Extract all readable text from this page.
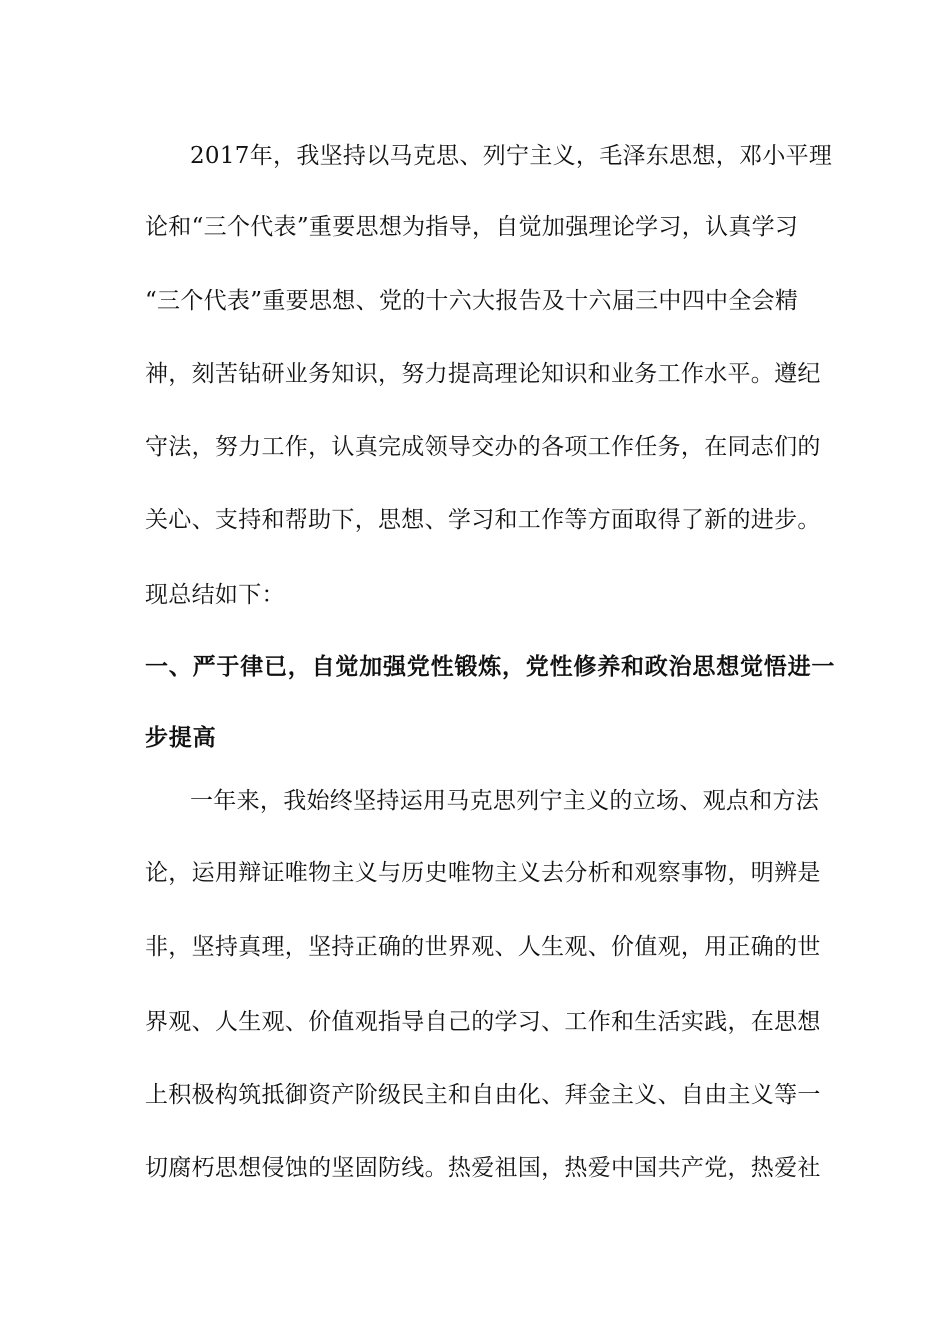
2017年，我坚持以马克思、列宁主义，毛泽东思想，邓小平理
论和“三个代表”重要思想为指导，自觉加强理论学习，认真学习
“三个代表”重要思想、党的十六大报告及十六届三中四中全会精
神，刻苦钻研业务知识，努力提高理论知识和业务工作水平。遵纪
守法，努力工作，认真完成领导交办的各项工作任务，在同志们的
关心、支持和帮助下，思想、学习和工作等方面取得了新的进步。
现总结如下：
一、严于律已，自觉加强党性锻炼，党性修养和政治思想觉悟进一
步提高
一年来，我始终坚持运用马克思列宁主义的立场、观点和方法
论，运用辩证唯物主义与历史唯物主义去分析和观察事物，明辨是
非，坚持真理，坚持正确的世界观、人生观、价值观，用正确的世
界观、人生观、价值观指导自己的学习、工作和生活实践，在思想
上积极构筑抵御资产阶级民主和自由化、拜金主义、自由主义等一
切腐朽思想侵蚀的坚固防线。热爱祖国，热爱中国共产党，热爱社
